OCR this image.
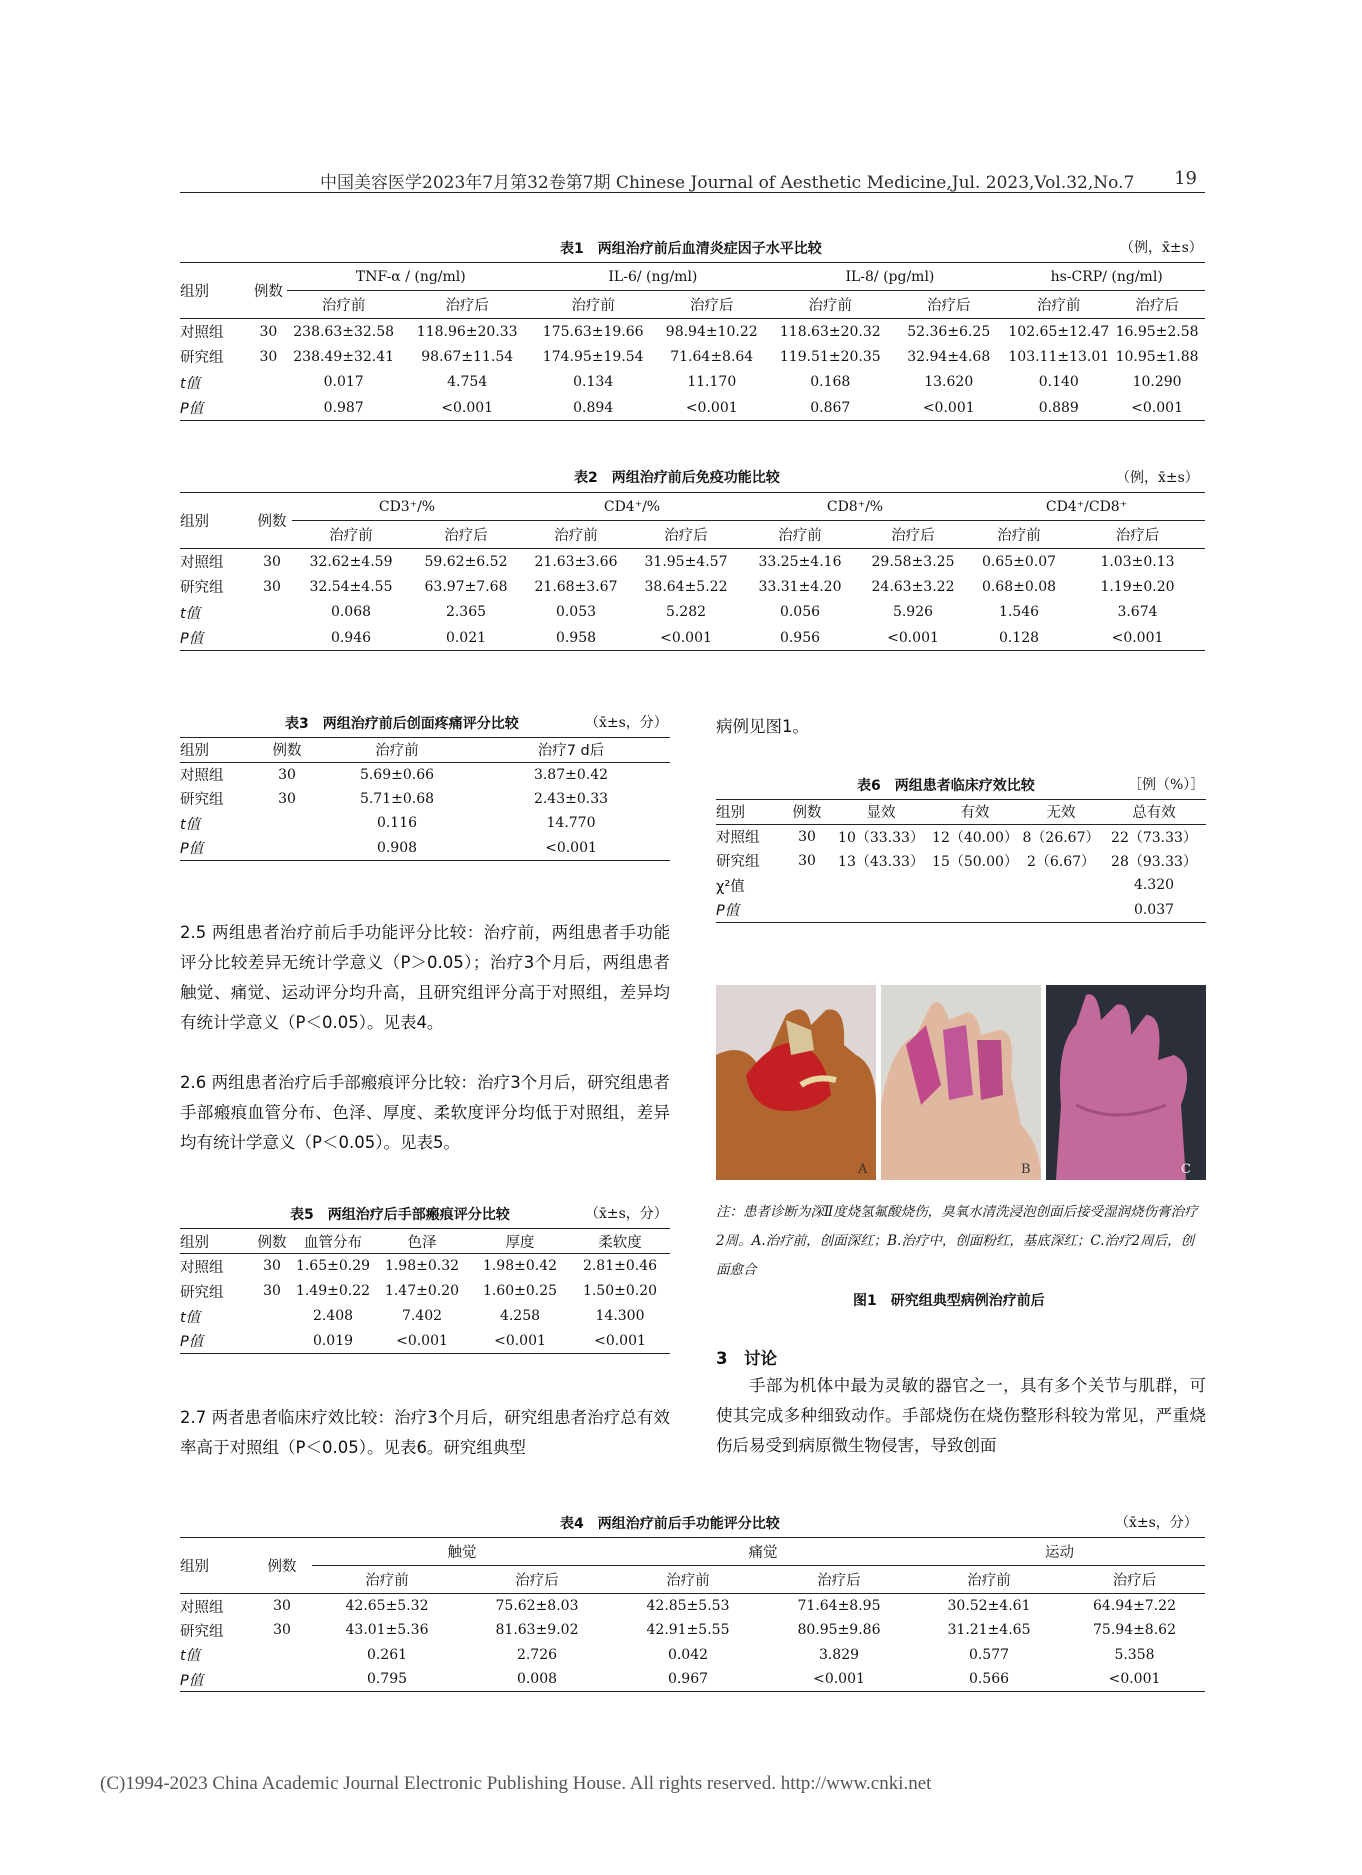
中国美容医学2023年7月第32卷第7期 Chinese Journal of Aesthetic Medicine,Jul. 2023,Vol.32,No.7 19
表1　两组治疗前后血清炎症因子水平比较	（例，x̄±s）
组别	例数	TNF-α / (ng/ml)		IL-6/ (ng/ml)		IL-8/ (pg/ml)		hs-CRP/ (ng/ml)	
		治疗前	治疗后	治疗前	治疗后	治疗前	治疗后	治疗前	治疗后
对照组	30	238.63±32.58	118.96±20.33	175.63±19.66	98.94±10.22	118.63±20.32	52.36±6.25	102.65±12.47	16.95±2.58
研究组	30	238.49±32.41	98.67±11.54	174.95±19.54	71.64±8.64	119.51±20.35	32.94±4.68	103.11±13.01	10.95±1.88
t值		0.017	4.754	0.134	11.170	0.168	13.620	0.140	10.290
P值		0.987	<0.001	0.894	<0.001	0.867	<0.001	0.889	<0.001
表2　两组治疗前后免疫功能比较	（例，x̄±s）
组别	例数	CD3⁺/%		CD4⁺/%		CD8⁺/%		CD4⁺/CD8⁺	
		治疗前	治疗后	治疗前	治疗后	治疗前	治疗后	治疗前	治疗后
对照组	30	32.62±4.59	59.62±6.52	21.63±3.66	31.95±4.57	33.25±4.16	29.58±3.25	0.65±0.07	1.03±0.13
研究组	30	32.54±4.55	63.97±7.68	21.68±3.67	38.64±5.22	33.31±4.20	24.63±3.22	0.68±0.08	1.19±0.20
t值		0.068	2.365	0.053	5.282	0.056	5.926	1.546	3.674
P值		0.946	0.021	0.958	<0.001	0.956	<0.001	0.128	<0.001
表3　两组治疗前后创面疼痛评分比较	（x̄±s，分）
组别	例数	治疗前	治疗7 d后
对照组	30	5.69±0.66	3.87±0.42
研究组	30	5.71±0.68	2.43±0.33
t值		0.116	14.770
P值		0.908	<0.001
病例见图1。
表6　两组患者临床疗效比较	［例（%）］
组别	例数	显效	有效	无效	总有效
对照组	30	10（33.33）	12（40.00）	8（26.67）	22（73.33）
研究组	30	13（43.33）	15（50.00）	2（6.67）	28（93.33）
χ²值					4.320
P值					0.037

2.5 两组患者治疗前后手功能评分比较：治疗前，两组患者手功能评分比较差异无统计学意义（P＞0.05）；治疗3个月后，两组患者触觉、痛觉、运动评分均升高，且研究组评分高于对照组，差异均有统计学意义（P＜0.05）。见表4。

2.6 两组患者治疗后手部瘢痕评分比较：治疗3个月后，研究组患者手部瘢痕血管分布、色泽、厚度、柔软度评分均低于对照组，差异均有统计学意义（P＜0.05）。见表5。

表5　两组治疗后手部瘢痕评分比较	（x̄±s，分）
组别	例数	血管分布	色泽	厚度	柔软度
对照组	30	1.65±0.29	1.98±0.32	1.98±0.42	2.81±0.46
研究组	30	1.49±0.22	1.47±0.20	1.60±0.25	1.50±0.20
t值		2.408	7.402	4.258	14.300
P值		0.019	<0.001	<0.001	<0.001

2.7 两者患者临床疗效比较：治疗3个月后，研究组患者治疗总有效率高于对照组（P＜0.05）。见表6。研究组典型

A	B	C
注：患者诊断为深Ⅱ度烧氢氟酸烧伤，臭氧水清洗浸泡创面后接受湿润烧伤膏治疗2周。A.治疗前，创面深红；B.治疗中，创面粉红，基底深红；C.治疗2周后，创面愈合
图1　研究组典型病例治疗前后
3　讨论

手部为机体中最为灵敏的器官之一，具有多个关节与肌群，可使其完成多种细致动作。手部烧伤在烧伤整形科较为常见，严重烧伤后易受到病原微生物侵害，导致创面

表4　两组治疗前后手功能评分比较	（x̄±s，分）
组别	例数	触觉		痛觉		运动	
		治疗前	治疗后	治疗前	治疗后	治疗前	治疗后
对照组	30	42.65±5.32	75.62±8.03	42.85±5.53	71.64±8.95	30.52±4.61	64.94±7.22
研究组	30	43.01±5.36	81.63±9.02	42.91±5.55	80.95±9.86	31.21±4.65	75.94±8.62
t值		0.261	2.726	0.042	3.829	0.577	5.358
P值		0.795	0.008	0.967	<0.001	0.566	<0.001
(C)1994-2023 China Academic Journal Electronic Publishing House. All rights reserved. http://www.cnki.net
